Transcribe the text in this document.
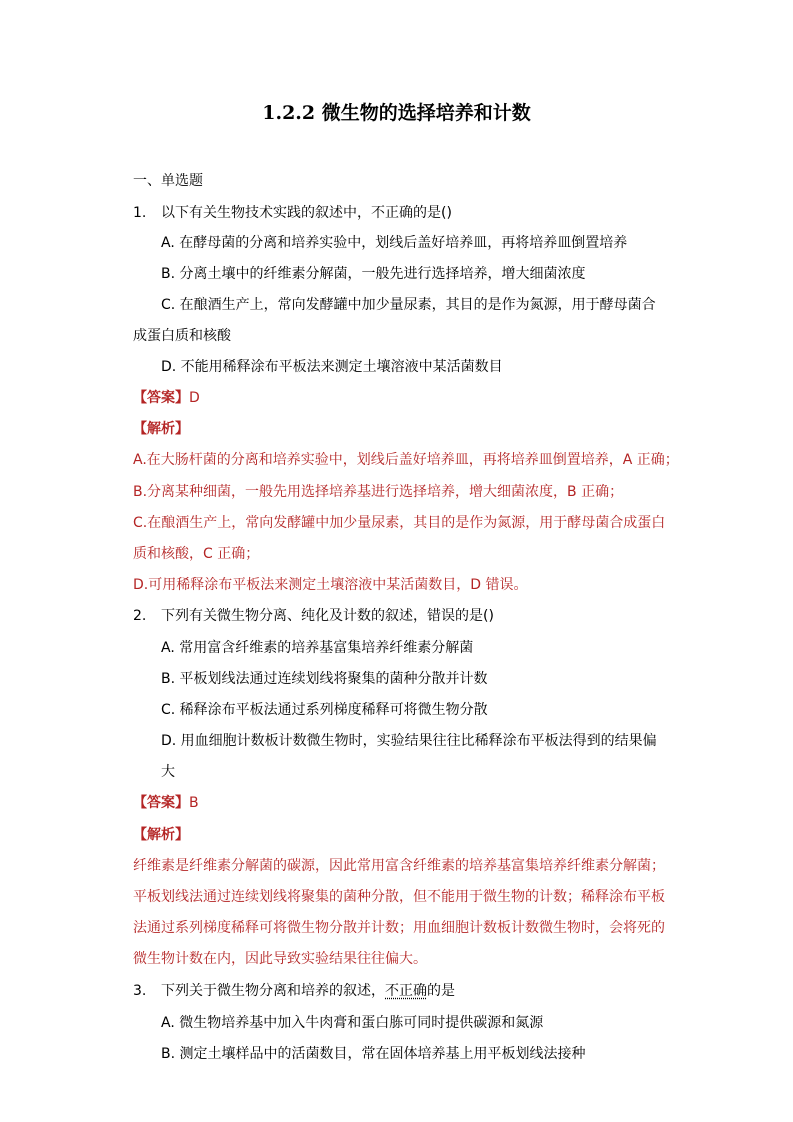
1.2.2 微生物的选择培养和计数
一、单选题
1. 以下有关生物技术实践的叙述中，不正确的是()
A. 在酵母菌的分离和培养实验中，划线后盖好培养皿，再将培养皿倒置培养
B. 分离土壤中的纤维素分解菌，一般先进行选择培养，增大细菌浓度
C. 在酿酒生产上，常向发酵罐中加少量尿素，其目的是作为氮源，用于酵母菌合
成蛋白质和核酸
D. 不能用稀释涂布平板法来测定土壤溶液中某活菌数目
【答案】D
【解析】
A.在大肠杆菌的分离和培养实验中，划线后盖好培养皿，再将培养皿倒置培养，A 正确；
B.分离某种细菌，一般先用选择培养基进行选择培养，增大细菌浓度，B 正确；
C.在酿酒生产上，常向发酵罐中加少量尿素，其目的是作为氮源，用于酵母菌合成蛋白
质和核酸，C 正确；
D.可用稀释涂布平板法来测定土壤溶液中某活菌数目，D 错误。
2. 下列有关微生物分离、纯化及计数的叙述，错误的是()
A. 常用富含纤维素的培养基富集培养纤维素分解菌
B. 平板划线法通过连续划线将聚集的菌种分散并计数
C. 稀释涂布平板法通过系列梯度稀释可将微生物分散
D. 用血细胞计数板计数微生物时，实验结果往往比稀释涂布平板法得到的结果偏
大
【答案】B
【解析】
纤维素是纤维素分解菌的碳源，因此常用富含纤维素的培养基富集培养纤维素分解菌；
平板划线法通过连续划线将聚集的菌种分散，但不能用于微生物的计数；稀释涂布平板
法通过系列梯度稀释可将微生物分散并计数；用血细胞计数板计数微生物时，会将死的
微生物计数在内，因此导致实验结果往往偏大。
3. 下列关于微生物分离和培养的叙述，不正确的是
A. 微生物培养基中加入牛肉膏和蛋白胨可同时提供碳源和氮源
B. 测定土壤样品中的活菌数目，常在固体培养基上用平板划线法接种
